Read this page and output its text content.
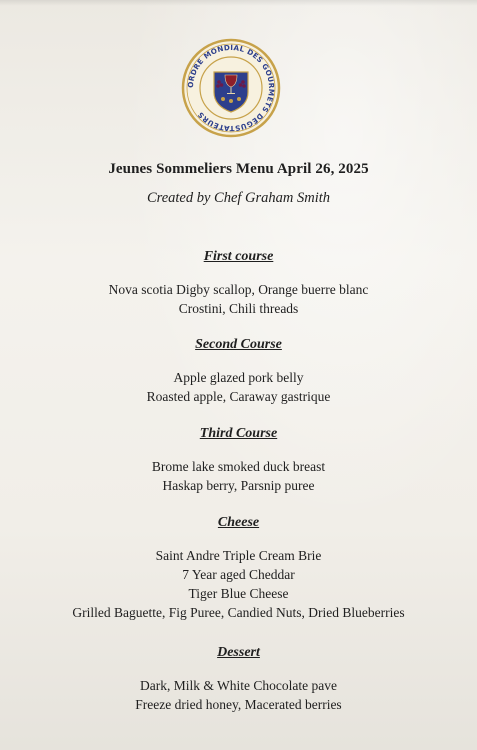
ORDRE MONDIAL DES GOURMETS DÉGUSTATEURS
Jeunes Sommeliers Menu April 26, 2025
Created by Chef Graham Smith
First course
Nova scotia Digby scallop, Orange buerre blanc
Crostini, Chili threads
Second Course
Apple glazed pork belly
Roasted apple, Caraway gastrique
Third Course
Brome lake smoked duck breast
Haskap berry, Parsnip puree
Cheese
Saint Andre Triple Cream Brie
7 Year aged Cheddar
Tiger Blue Cheese
Grilled Baguette, Fig Puree, Candied Nuts, Dried Blueberries
Dessert
Dark, Milk & White Chocolate pave
Freeze dried honey, Macerated berries
